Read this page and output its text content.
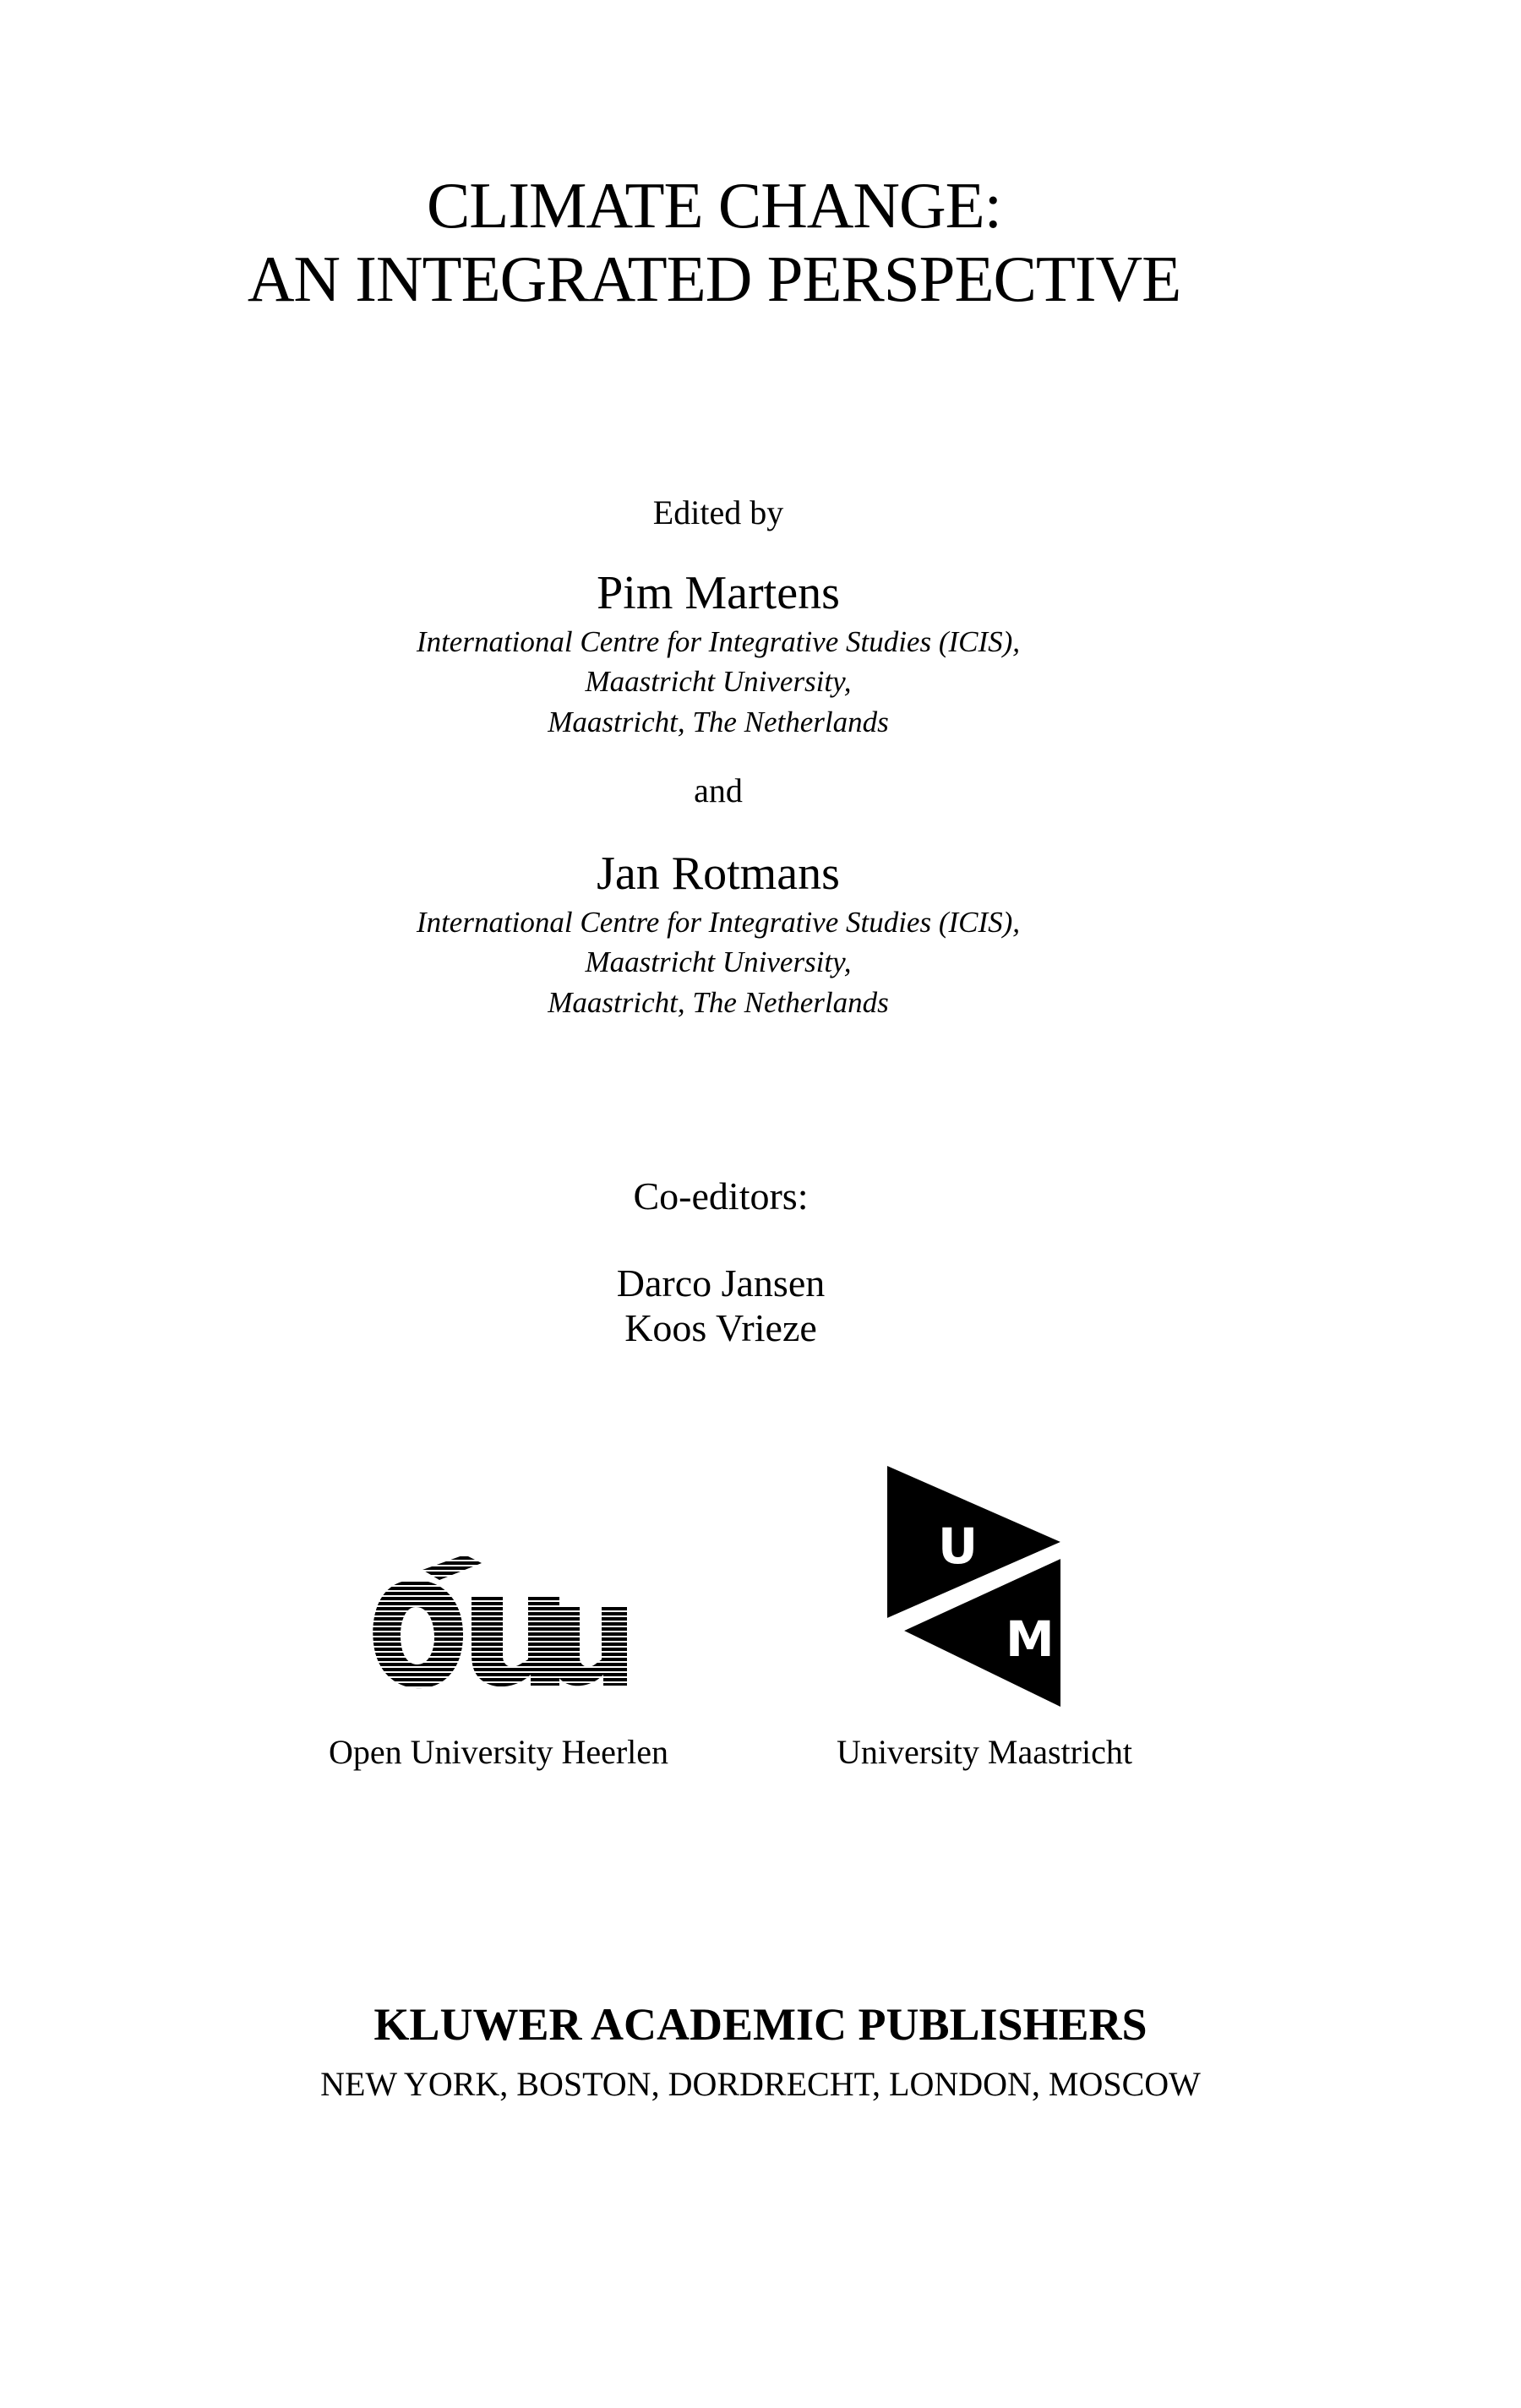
CLIMATE CHANGE:
AN INTEGRATED PERSPECTIVE
Edited by
Pim Martens
International Centre for Integrative Studies (ICIS),
Maastricht University,
Maastricht, The Netherlands
and
Jan Rotmans
International Centre for Integrative Studies (ICIS),
Maastricht University,
Maastricht, The Netherlands
Co-editors:
Darco Jansen
Koos Vrieze
Open University Heerlen
U
M
University Maastricht
KLUWER ACADEMIC PUBLISHERS
NEW YORK, BOSTON, DORDRECHT, LONDON, MOSCOW
